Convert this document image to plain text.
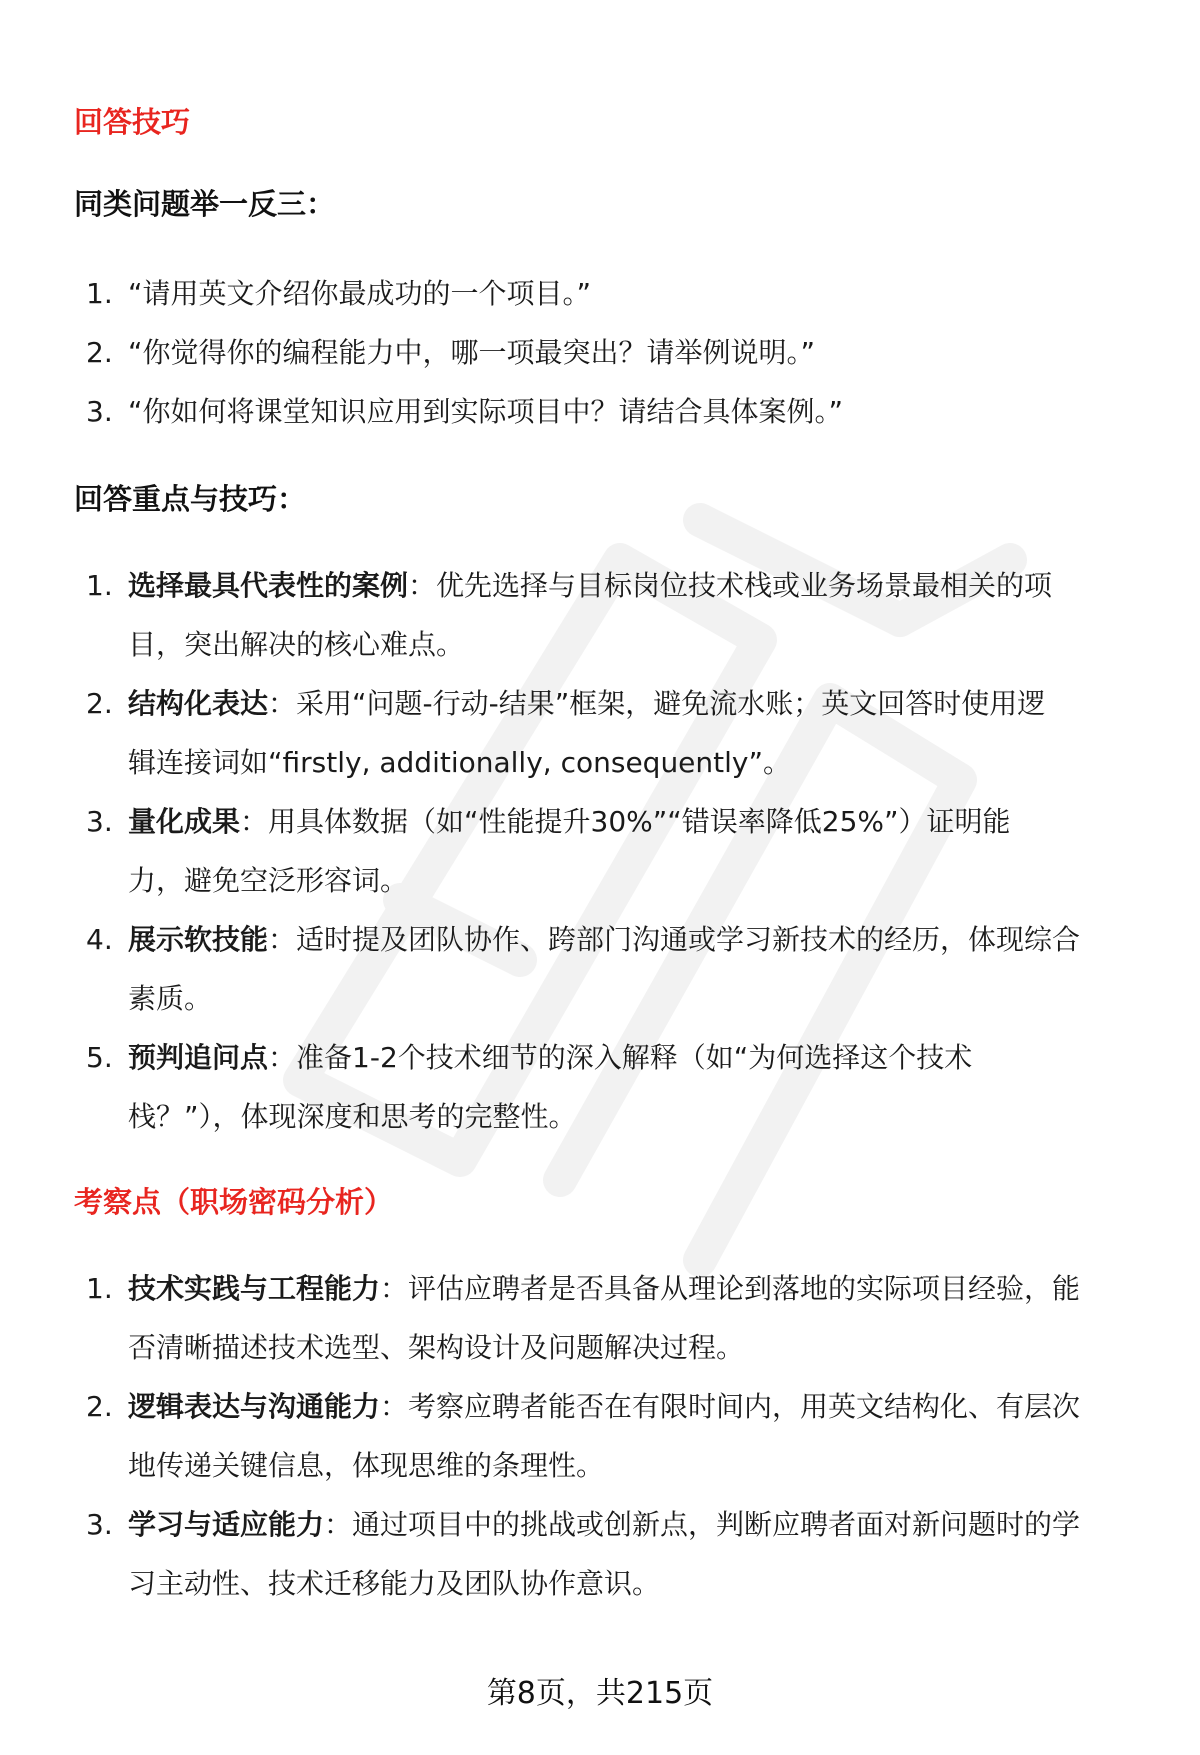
回答技巧
同类问题举一反三：
1. “请用英文介绍你最成功的一个项目。”
2. “你觉得你的编程能力中，哪一项最突出？请举例说明。”
3. “你如何将课堂知识应用到实际项目中？请结合具体案例。”
回答重点与技巧：
1. 选择最具代表性的案例：优先选择与目标岗位技术栈或业务场景最相关的项
目，突出解决的核心难点。
2. 结构化表达：采用“问题-行动-结果”框架，避免流水账；英文回答时使用逻
辑连接词如“firstly, additionally, consequently”。
3. 量化成果：用具体数据（如“性能提升30%”“错误率降低25%”）证明能
力，避免空泛形容词。
4. 展示软技能：适时提及团队协作、跨部门沟通或学习新技术的经历，体现综合
素质。
5. 预判追问点：准备1-2个技术细节的深入解释（如“为何选择这个技术
栈？”），体现深度和思考的完整性。
考察点（职场密码分析）
1. 技术实践与工程能力：评估应聘者是否具备从理论到落地的实际项目经验，能
否清晰描述技术选型、架构设计及问题解决过程。
2. 逻辑表达与沟通能力：考察应聘者能否在有限时间内，用英文结构化、有层次
地传递关键信息，体现思维的条理性。
3. 学习与适应能力：通过项目中的挑战或创新点，判断应聘者面对新问题时的学
习主动性、技术迁移能力及团队协作意识。
第8页，共215页
